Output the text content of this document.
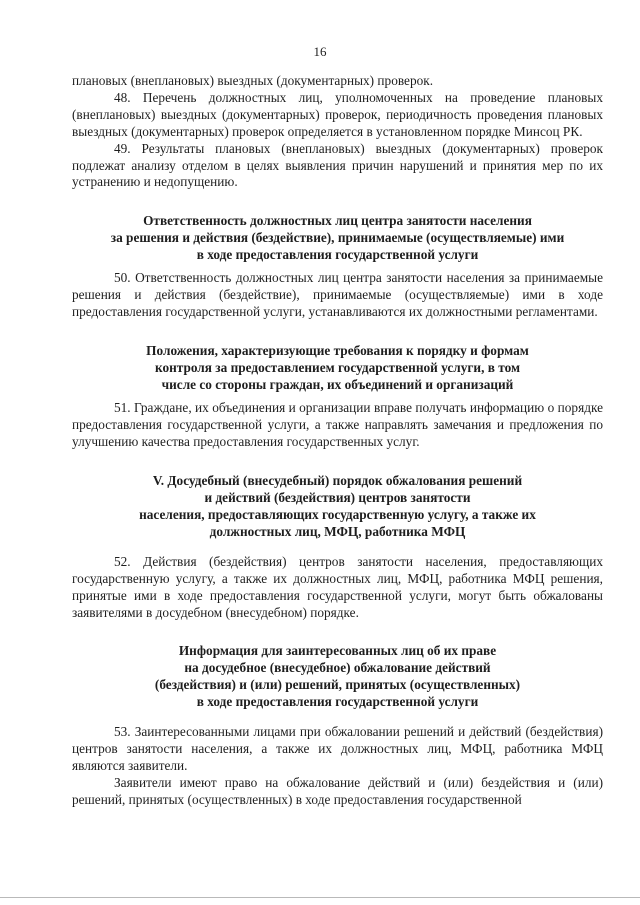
16

плановых (внеплановых) выездных (документарных) проверок.

48. Перечень должностных лиц, уполномоченных на проведение плановых (внеплановых) выездных (документарных) проверок, периодичность проведения плановых выездных (документарных) проверок определяется в установленном порядке Минсоц РК.

49. Результаты плановых (внеплановых) выездных (документарных) проверок подлежат анализу отделом в целях выявления причин нарушений и принятия мер по их устранению и недопущению.

Ответственность должностных лиц центра занятости населения
за решения и действия (бездействие), принимаемые (осуществляемые) ими
в ходе предоставления государственной услуги

50. Ответственность должностных лиц центра занятости населения за принимаемые решения и действия (бездействие), принимаемые (осуществляемые) ими в ходе предоставления государственной услуги, устанавливаются их должностными регламентами.

Положения, характеризующие требования к порядку и формам
контроля за предоставлением государственной услуги, в том
числе со стороны граждан, их объединений и организаций

51. Граждане, их объединения и организации вправе получать информацию о порядке предоставления государственной услуги, а также направлять замечания и предложения по улучшению качества предоставления государственных услуг.

V. Досудебный (внесудебный) порядок обжалования решений
и действий (бездействия) центров занятости
населения, предоставляющих государственную услугу, а также их
должностных лиц, МФЦ, работника МФЦ

52. Действия (бездействия) центров занятости населения, предоставляющих государственную услугу, а также их должностных лиц, МФЦ, работника МФЦ решения, принятые ими в ходе предоставления государственной услуги, могут быть обжалованы заявителями в досудебном (внесудебном) порядке.

Информация для заинтересованных лиц об их праве
на досудебное (внесудебное) обжалование действий
(бездействия) и (или) решений, принятых (осуществленных)
в ходе предоставления государственной услуги

53. Заинтересованными лицами при обжаловании решений и действий (бездействия) центров занятости населения, а также их должностных лиц, МФЦ, работника МФЦ являются заявители.

Заявители имеют право на обжалование действий и (или) бездействия и (или) решений, принятых (осуществленных) в ходе предоставления государственной
